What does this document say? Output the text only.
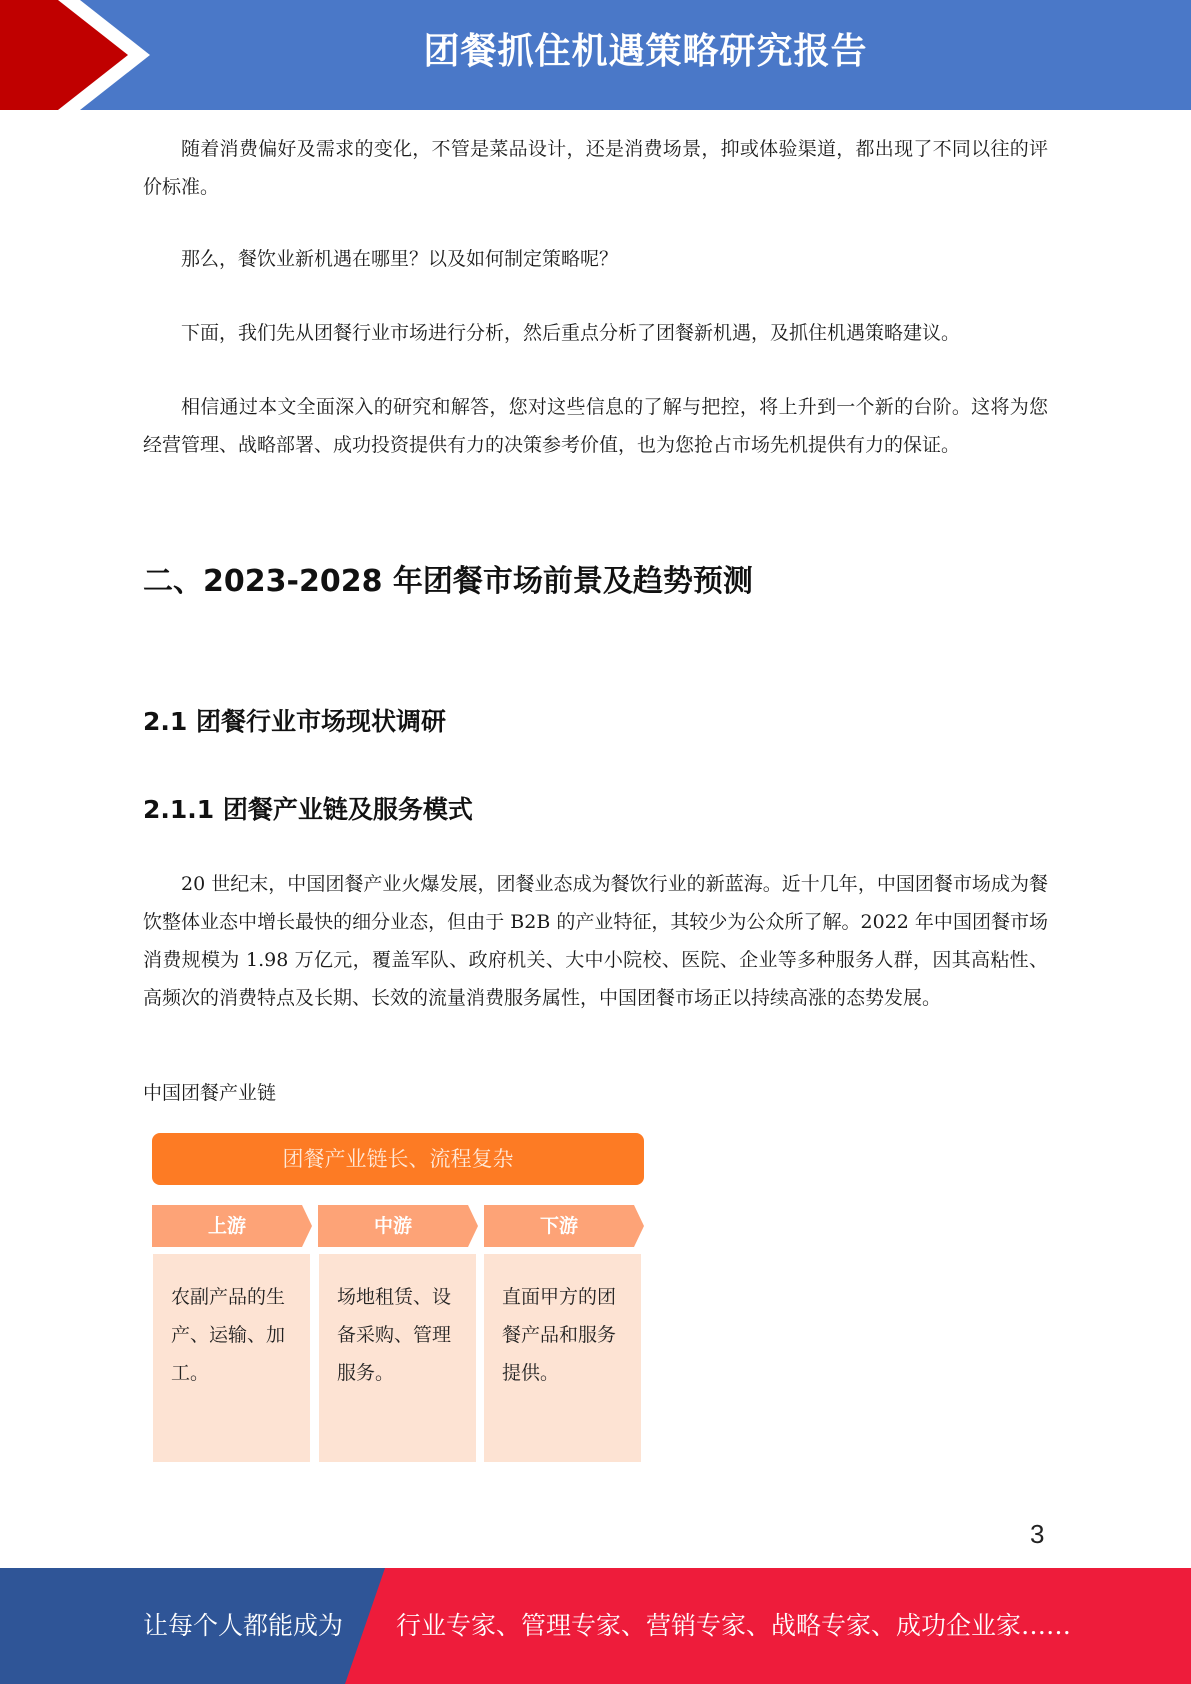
团餐抓住机遇策略研究报告

随着消费偏好及需求的变化，不管是菜品设计，还是消费场景，抑或体验渠道，都出现了不同以往的评价标准。

那么，餐饮业新机遇在哪里？以及如何制定策略呢？

下面，我们先从团餐行业市场进行分析，然后重点分析了团餐新机遇，及抓住机遇策略建议。

相信通过本文全面深入的研究和解答，您对这些信息的了解与把控，将上升到一个新的台阶。这将为您经营管理、战略部署、成功投资提供有力的决策参考价值，也为您抢占市场先机提供有力的保证。

二、2023-2028 年团餐市场前景及趋势预测
2.1 团餐行业市场现状调研
2.1.1 团餐产业链及服务模式

20 世纪末，中国团餐产业火爆发展，团餐业态成为餐饮行业的新蓝海。近十几年，中国团餐市场成为餐饮整体业态中增长最快的细分业态，但由于 B2B 的产业特征，其较少为公众所了解。2022 年中国团餐市场消费规模为 1.98 万亿元，覆盖军队、政府机关、大中小院校、医院、企业等多种服务人群，因其高粘性、高频次的消费特点及长期、长效的流量消费服务属性，中国团餐市场正以持续高涨的态势发展。

中国团餐产业链

团餐产业链长、流程复杂
上游	中游	下游
农副产品的生产、运输、加工。
场地租赁、设备采购、管理服务。
直面甲方的团餐产品和服务提供。
3
让每个人都能成为 行业专家、管理专家、营销专家、战略专家、成功企业家……
